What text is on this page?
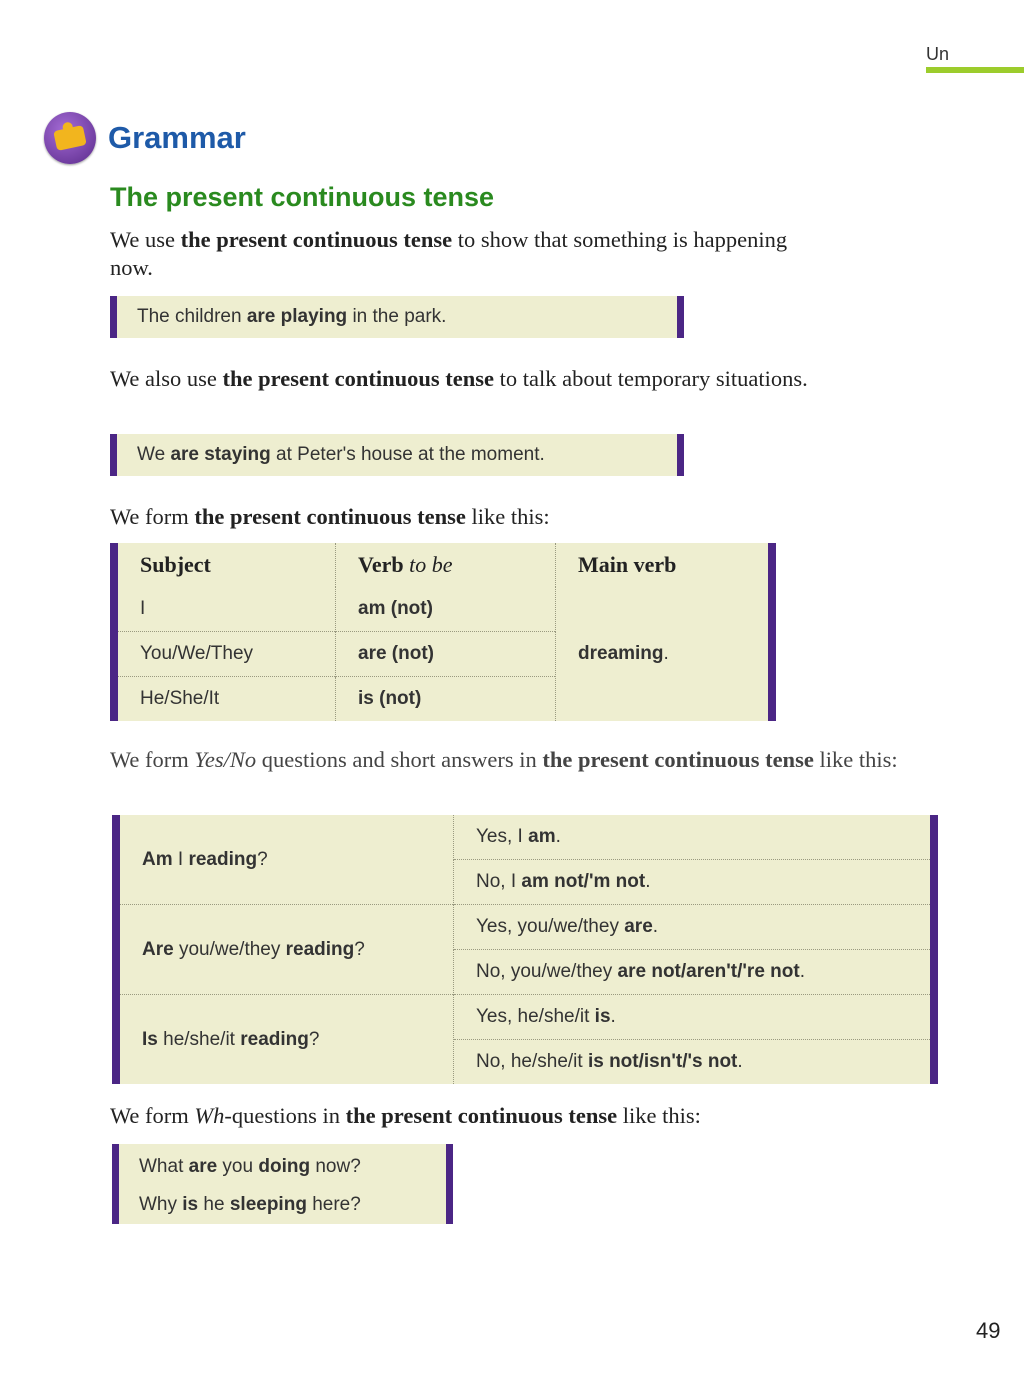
Un
Grammar
The present continuous tense
We use the present continuous tense to show that something is happening now.
The children are playing in the park.
We also use the present continuous tense to talk about temporary situations.
We are staying at Peter's house at the moment.
We form the present continuous tense like this:
Subject	Verb to be	Main verb
I	am (not)	dreaming.
You/We/They	are (not)	
He/She/It	is (not)	
We form Yes/No questions and short answers in the present continuous tense like this:
Am I reading?	Yes, I am.
	No, I am not/'m not.
Are you/we/they reading?	Yes, you/we/they are.
	No, you/we/they are not/aren't/'re not.
Is he/she/it reading?	Yes, he/she/it is.
	No, he/she/it is not/isn't/'s not.
We form Wh-questions in the present continuous tense like this:
What are you doing now?
Why is he sleeping here?
49
